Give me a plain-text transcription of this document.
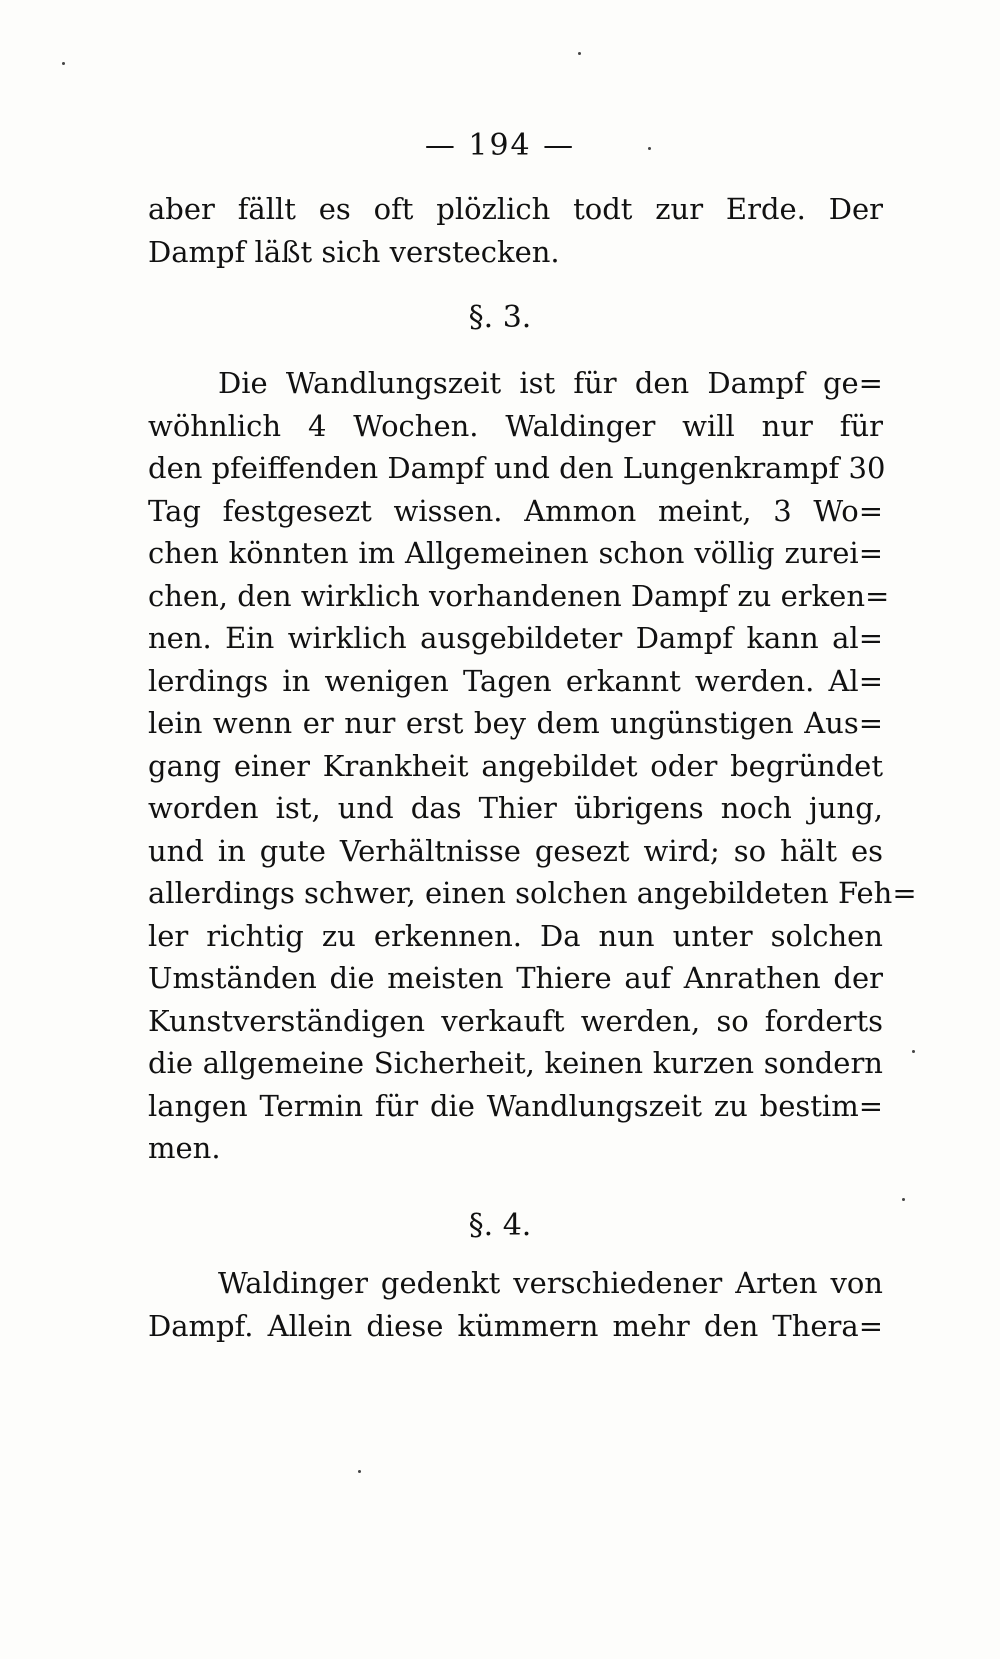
— 194 —
aber fällt es oft plözlich todt zur Erde. Der
Dampf läßt sich verstecken.
§. 3.
Die Wandlungszeit ist für den Dampf ge=
wöhnlich 4 Wochen. Waldinger will nur für
den pfeiffenden Dampf und den Lungenkrampf 30
Tag festgesezt wissen. Ammon meint, 3 Wo=
chen könnten im Allgemeinen schon völlig zurei=
chen, den wirklich vorhandenen Dampf zu erken=
nen. Ein wirklich ausgebildeter Dampf kann al=
lerdings in wenigen Tagen erkannt werden. Al=
lein wenn er nur erst bey dem ungünstigen Aus=
gang einer Krankheit angebildet oder begründet
worden ist, und das Thier übrigens noch jung,
und in gute Verhältnisse gesezt wird; so hält es
allerdings schwer, einen solchen angebildeten Feh=
ler richtig zu erkennen. Da nun unter solchen
Umständen die meisten Thiere auf Anrathen der
Kunstverständigen verkauft werden, so forderts
die allgemeine Sicherheit, keinen kurzen sondern
langen Termin für die Wandlungszeit zu bestim=
men.
§. 4.
Waldinger gedenkt verschiedener Arten von
Dampf. Allein diese kümmern mehr den Thera=
